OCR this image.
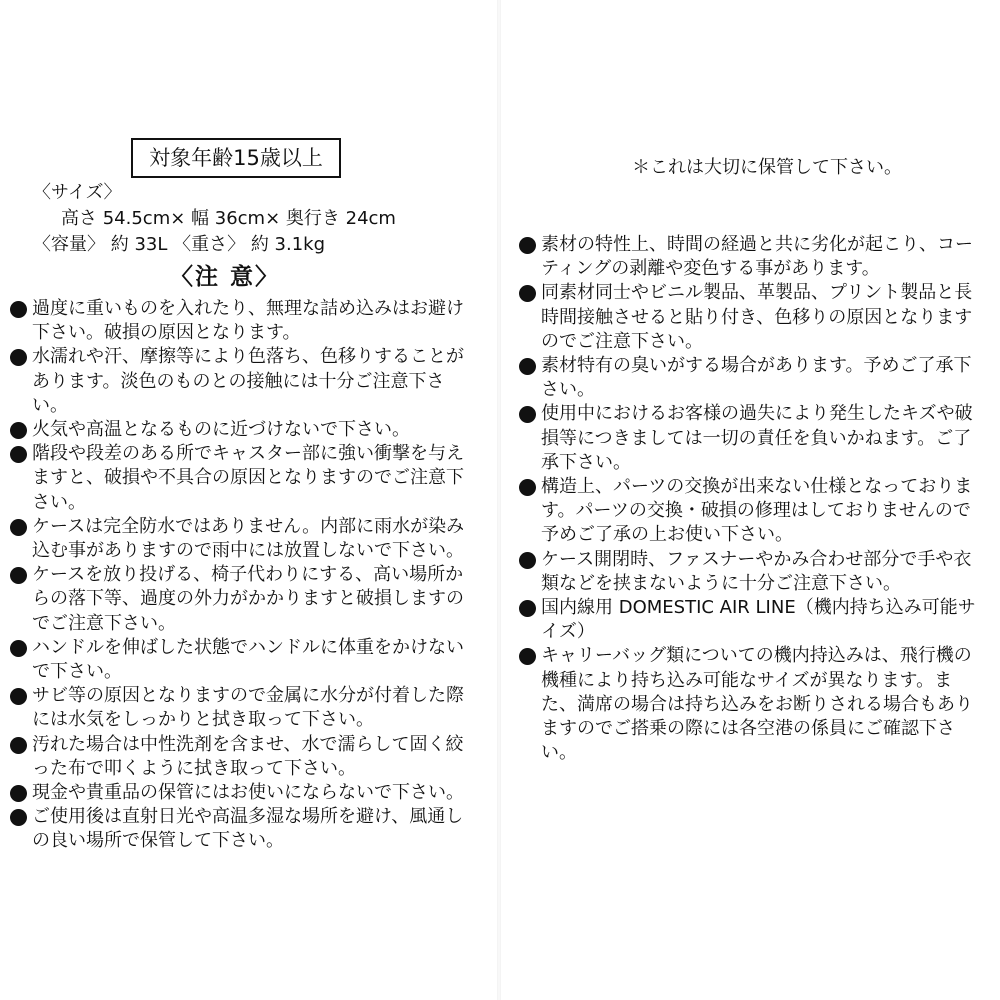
対象年齢15歳以上	＊これは大切に保管して下さい。
〈サイズ〉
高さ 54.5cm× 幅 36cm× 奥行き 24cm
〈容量〉 約 33L 〈重さ〉 約 3.1kg
〈注 意〉
過度に重いものを入れたり、無理な詰め込みはお避け下さい。破損の原因となります。
水濡れや汗、摩擦等により色落ち、色移りすることがあります。淡色のものとの接触には十分ご注意下さい。
火気や高温となるものに近づけないで下さい。
階段や段差のある所でキャスター部に強い衝撃を与えますと、破損や不具合の原因となりますのでご注意下さい。
ケースは完全防水ではありません。内部に雨水が染み込む事がありますので雨中には放置しないで下さい。
ケースを放り投げる、椅子代わりにする、高い場所からの落下等、過度の外力がかかりますと破損しますのでご注意下さい。
ハンドルを伸ばした状態でハンドルに体重をかけないで下さい。
サビ等の原因となりますので金属に水分が付着した際には水気をしっかりと拭き取って下さい。
汚れた場合は中性洗剤を含ませ、水で濡らして固く絞った布で叩くように拭き取って下さい。
現金や貴重品の保管にはお使いにならないで下さい。
ご使用後は直射日光や高温多湿な場所を避け、風通しの良い場所で保管して下さい。
素材の特性上、時間の経過と共に劣化が起こり、コーティングの剥離や変色する事があります。
同素材同士やビニル製品、革製品、プリント製品と長時間接触させると貼り付き、色移りの原因となりますのでご注意下さい。
素材特有の臭いがする場合があります。予めご了承下さい。
使用中におけるお客様の過失により発生したキズや破損等につきましては一切の責任を負いかねます。ご了承下さい。
構造上、パーツの交換が出来ない仕様となっております。パーツの交換・破損の修理はしておりませんので予めご了承の上お使い下さい。
ケース開閉時、ファスナーやかみ合わせ部分で手や衣類などを挟まないように十分ご注意下さい。
国内線用 DOMESTIC AIR LINE（機内持ち込み可能サイズ）
キャリーバッグ類についての機内持込みは、飛行機の機種により持ち込み可能なサイズが異なります。また、満席の場合は持ち込みをお断りされる場合もありますのでご搭乗の際には各空港の係員にご確認下さい。
